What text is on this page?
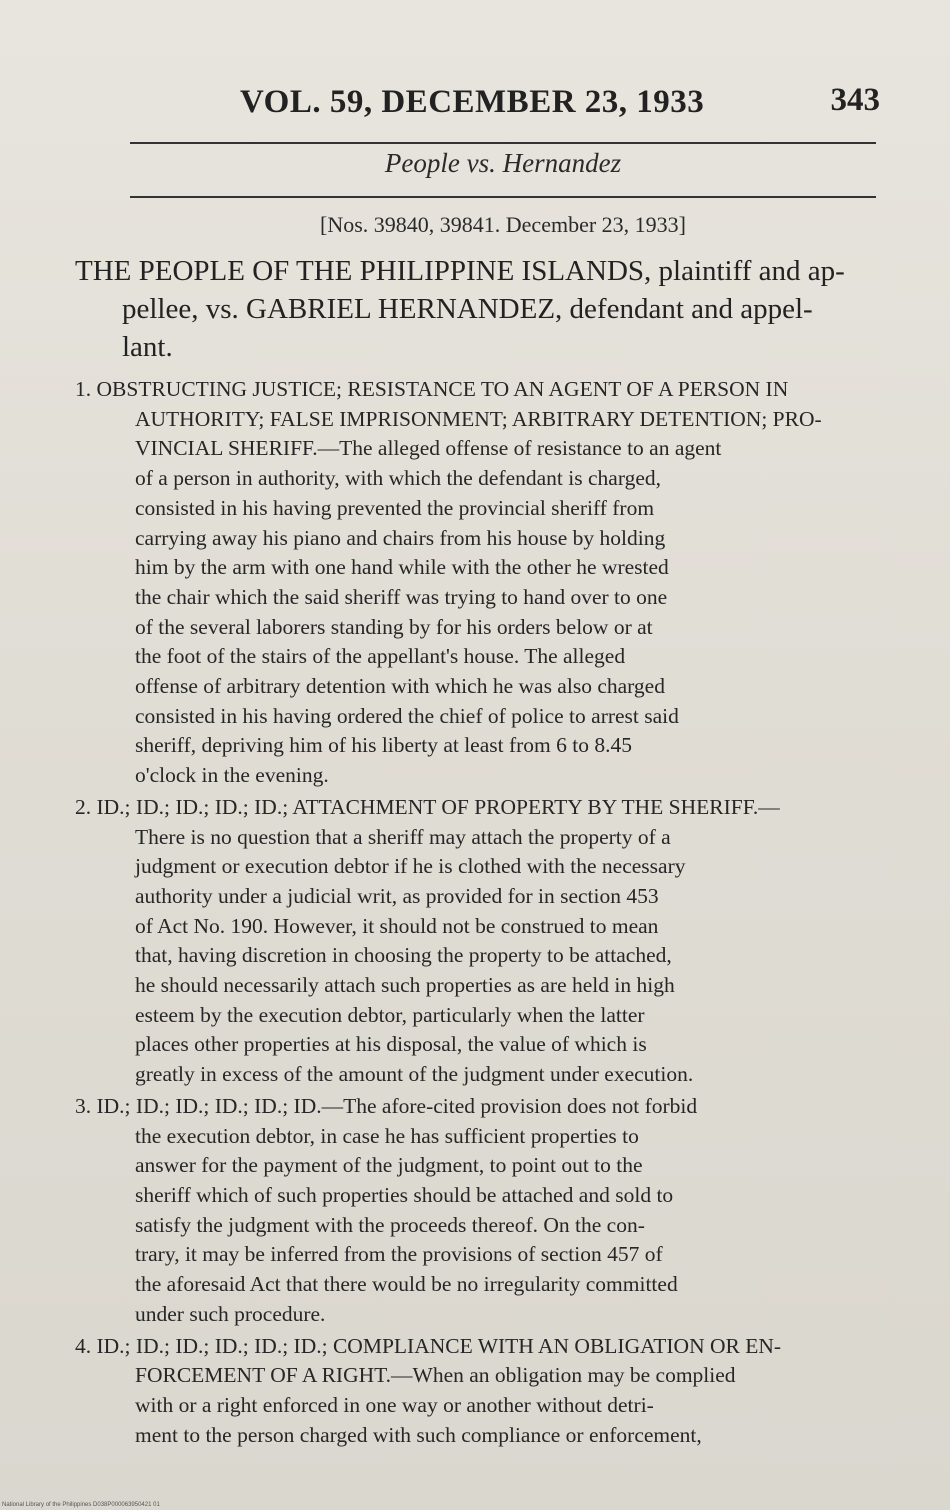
VOL. 59, DECEMBER 23, 1933	343
People vs. Hernandez
[Nos. 39840, 39841. December 23, 1933]
THE PEOPLE OF THE PHILIPPINE ISLANDS, plaintiff and ap-
pellee, vs. GABRIEL HERNANDEZ, defendant and appel-
lant.
1. OBSTRUCTING JUSTICE; RESISTANCE TO AN AGENT OF A PERSON IN
AUTHORITY; FALSE IMPRISONMENT; ARBITRARY DETENTION; PRO-
VINCIAL SHERIFF.—The alleged offense of resistance to an agent
of a person in authority, with which the defendant is charged,
consisted in his having prevented the provincial sheriff from
carrying away his piano and chairs from his house by holding
him by the arm with one hand while with the other he wrested
the chair which the said sheriff was trying to hand over to one
of the several laborers standing by for his orders below or at
the foot of the stairs of the appellant's house. The alleged
offense of arbitrary detention with which he was also charged
consisted in his having ordered the chief of police to arrest said
sheriff, depriving him of his liberty at least from 6 to 8.45
o'clock in the evening.
2. ID.; ID.; ID.; ID.; ID.; ATTACHMENT OF PROPERTY BY THE SHERIFF.—
There is no question that a sheriff may attach the property of a
judgment or execution debtor if he is clothed with the necessary
authority under a judicial writ, as provided for in section 453
of Act No. 190. However, it should not be construed to mean
that, having discretion in choosing the property to be attached,
he should necessarily attach such properties as are held in high
esteem by the execution debtor, particularly when the latter
places other properties at his disposal, the value of which is
greatly in excess of the amount of the judgment under execution.
3. ID.; ID.; ID.; ID.; ID.; ID.—The afore-cited provision does not forbid
the execution debtor, in case he has sufficient properties to
answer for the payment of the judgment, to point out to the
sheriff which of such properties should be attached and sold to
satisfy the judgment with the proceeds thereof. On the con-
trary, it may be inferred from the provisions of section 457 of
the aforesaid Act that there would be no irregularity committed
under such procedure.
4. ID.; ID.; ID.; ID.; ID.; ID.; COMPLIANCE WITH AN OBLIGATION OR EN-
FORCEMENT OF A RIGHT.—When an obligation may be complied
with or a right enforced in one way or another without detri-
ment to the person charged with such compliance or enforcement,
National Library of the Philippines D038P000063950421 01
